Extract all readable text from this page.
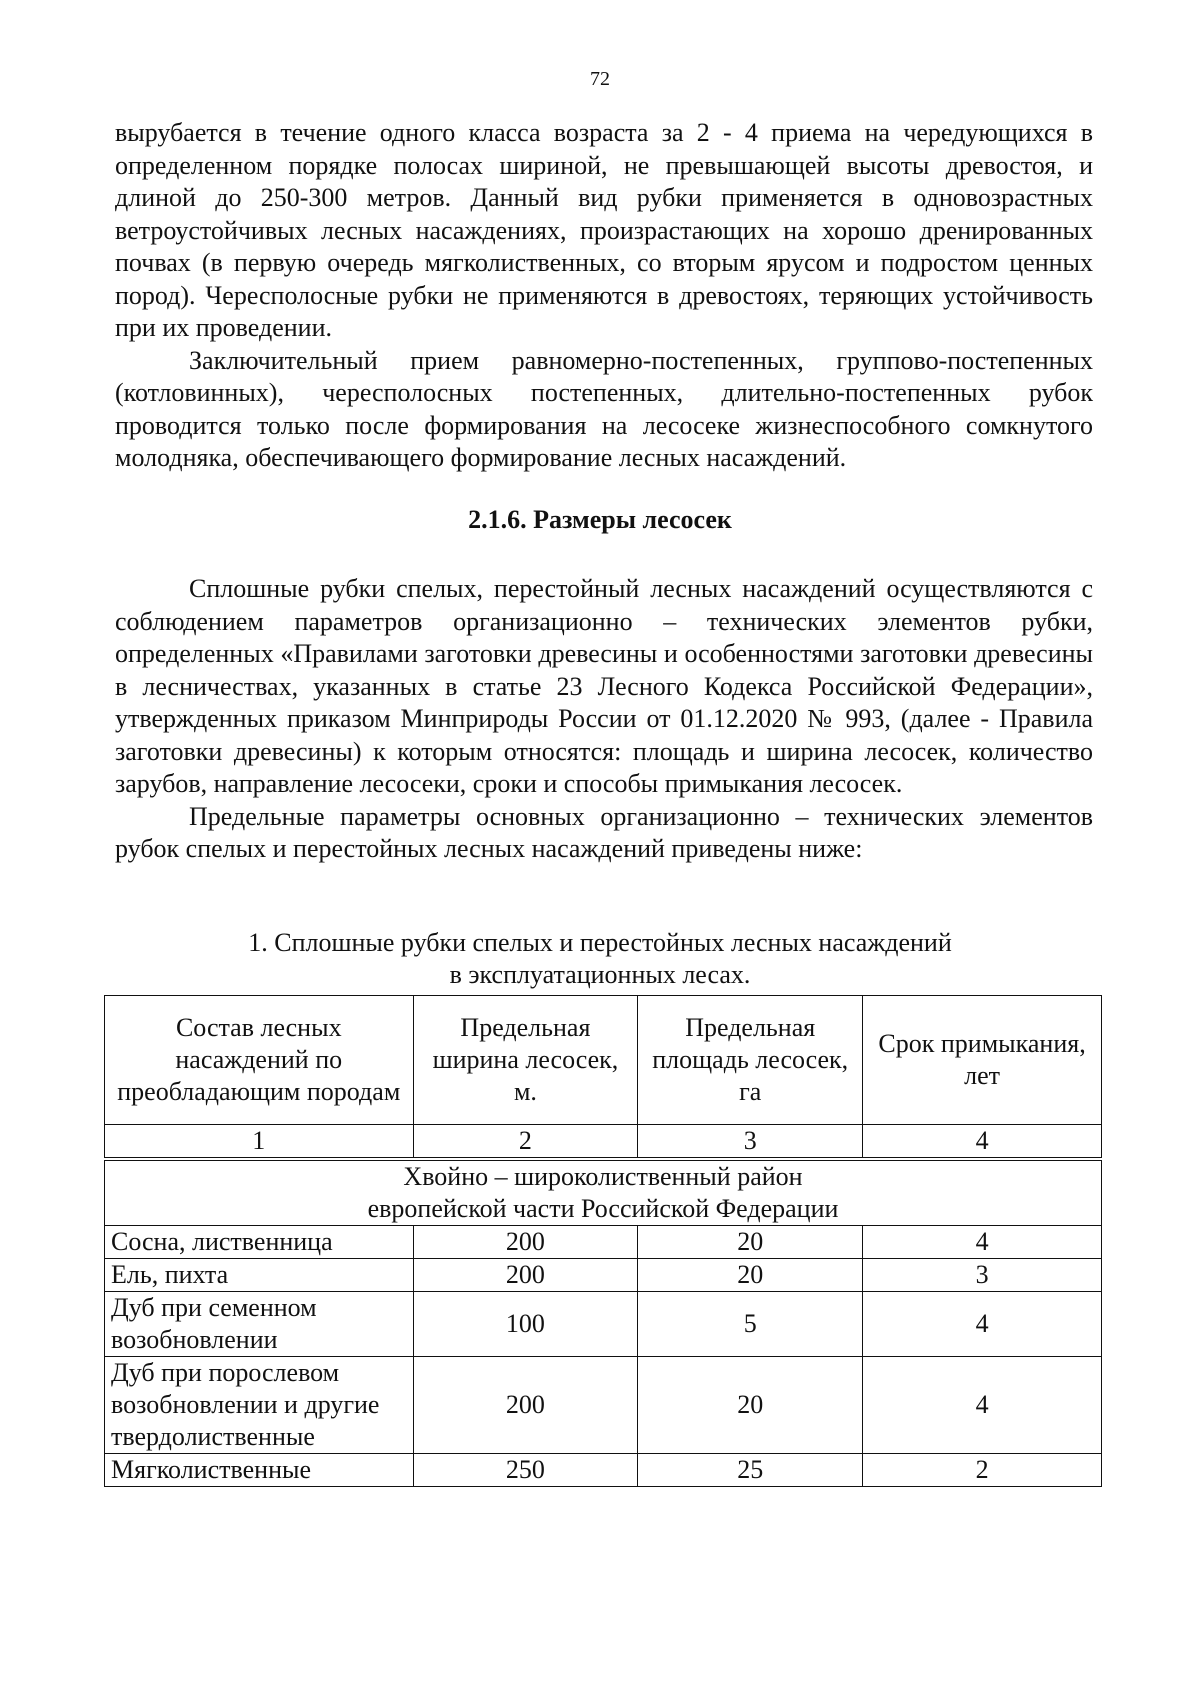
72

вырубается в течение одного класса возраста за 2 - 4 приема на чередующихся в определенном порядке полосах шириной, не превышающей высоты древостоя, и длиной до 250-300 метров. Данный вид рубки применяется в одновозрастных ветроустойчивых лесных насаждениях, произрастающих на хорошо дренированных почвах (в первую очередь мягколиственных, со вторым ярусом и подростом ценных пород). Чересполосные рубки не применяются в древостоях, теряющих устойчивость при их проведении.

Заключительный прием равномерно-постепенных, группово-постепенных (котловинных), чересполосных постепенных, длительно-постепенных рубок проводится только после формирования на лесосеке жизнеспособного сомкнутого молодняка, обеспечивающего формирование лесных насаждений.

2.1.6. Размеры лесосек

Сплошные рубки спелых, перестойный лесных насаждений осуществляются с соблюдением параметров организационно – технических элементов рубки, определенных «Правилами заготовки древесины и особенностями заготовки древесины в лесничествах, указанных в статье 23 Лесного Кодекса Российской Федерации», утвержденных приказом Минприроды России от 01.12.2020 № 993, (далее - Правила заготовки древесины) к которым относятся: площадь и ширина лесосек, количество зарубов, направление лесосеки, сроки и способы примыкания лесосек.

Предельные параметры основных организационно – технических элементов рубок спелых и перестойных лесных насаждений приведены ниже:

1. Сплошные рубки спелых и перестойных лесных насаждений
в эксплуатационных лесах.
Состав лесных насаждений по преобладающим породам	Предельная ширина лесосек, м.	Предельная площадь лесосек, га	Срок примыкания, лет
1	2	3	4

Хвойно – широколиственный район
европейской части Российской Федерации			

Сосна, лиственница	200	20	4
Ель, пихта	200	20	3
Дуб при семенном возобновлении	100	5	4
Дуб при порослевом возобновлении и другие твердолиственные	200	20	4
Мягколиственные	250	25	2
